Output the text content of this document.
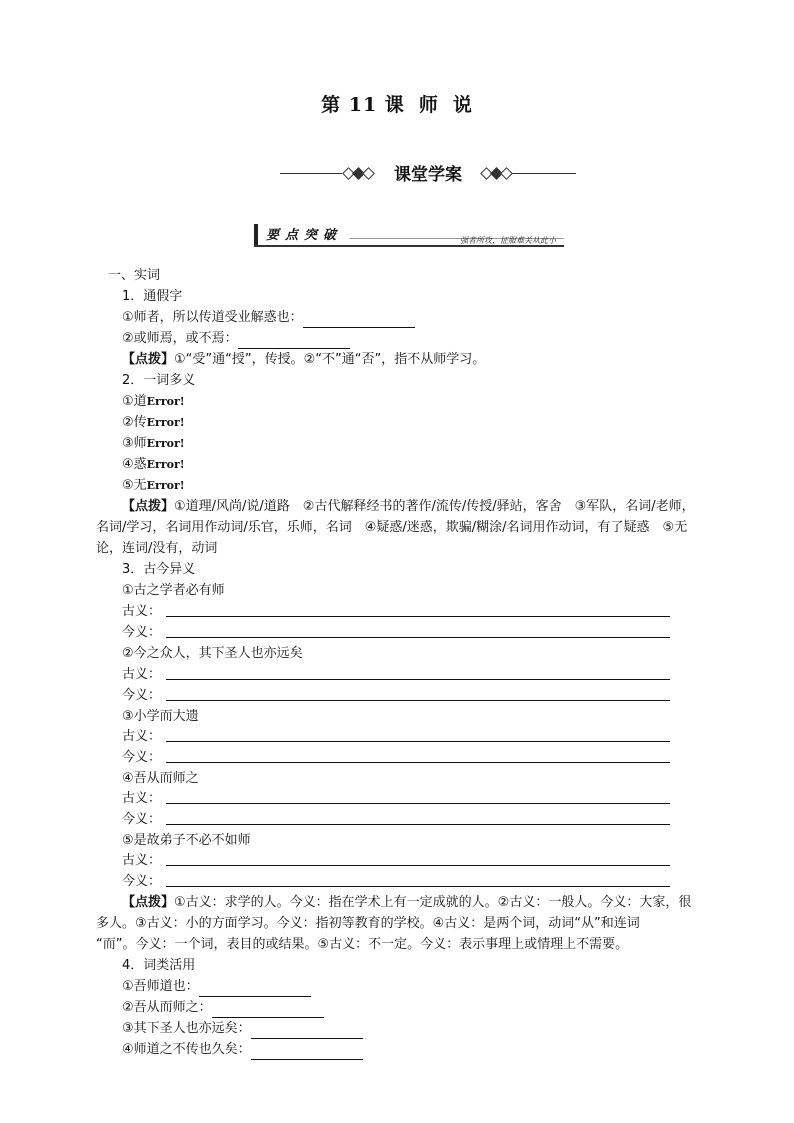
第 11 课 师 说
课堂学案
要点突破	强者所攻，征服难关从此小
一、实词
1．通假字
①师者，所以传道受业解惑也：
②或师焉，或不焉：
【点拨】①“受”通“授”，传授。②“不”通“否”，指不从师学习。
2．一词多义
①道Error!
②传Error!
③师Error!
④惑Error!
⑤无Error!
【点拨】①道理/风尚/说/道路　②古代解释经书的著作/流传/传授/驿站，客舍　③军队，名词/老师，
名词/学习，名词用作动词/乐官，乐师，名词　④疑惑/迷惑，欺骗/糊涂/名词用作动词，有了疑惑　⑤无
论，连词/没有，动词
3．古今异义
①古之学者必有师
古义：
今义：
②今之众人，其下圣人也亦远矣
古义：
今义：
③小学而大遗
古义：
今义：
④吾从而师之
古义：
今义：
⑤是故弟子不必不如师
古义：
今义：
【点拨】①古义：求学的人。今义：指在学术上有一定成就的人。②古义：一般人。今义：大家，很
多人。③古义：小的方面学习。今义：指初等教育的学校。④古义：是两个词，动词“从”和连词
“而”。今义：一个词，表目的或结果。⑤古义：不一定。今义：表示事理上或情理上不需要。
4．词类活用
①吾师道也：
②吾从而师之：
③其下圣人也亦远矣：
④师道之不传也久矣：
